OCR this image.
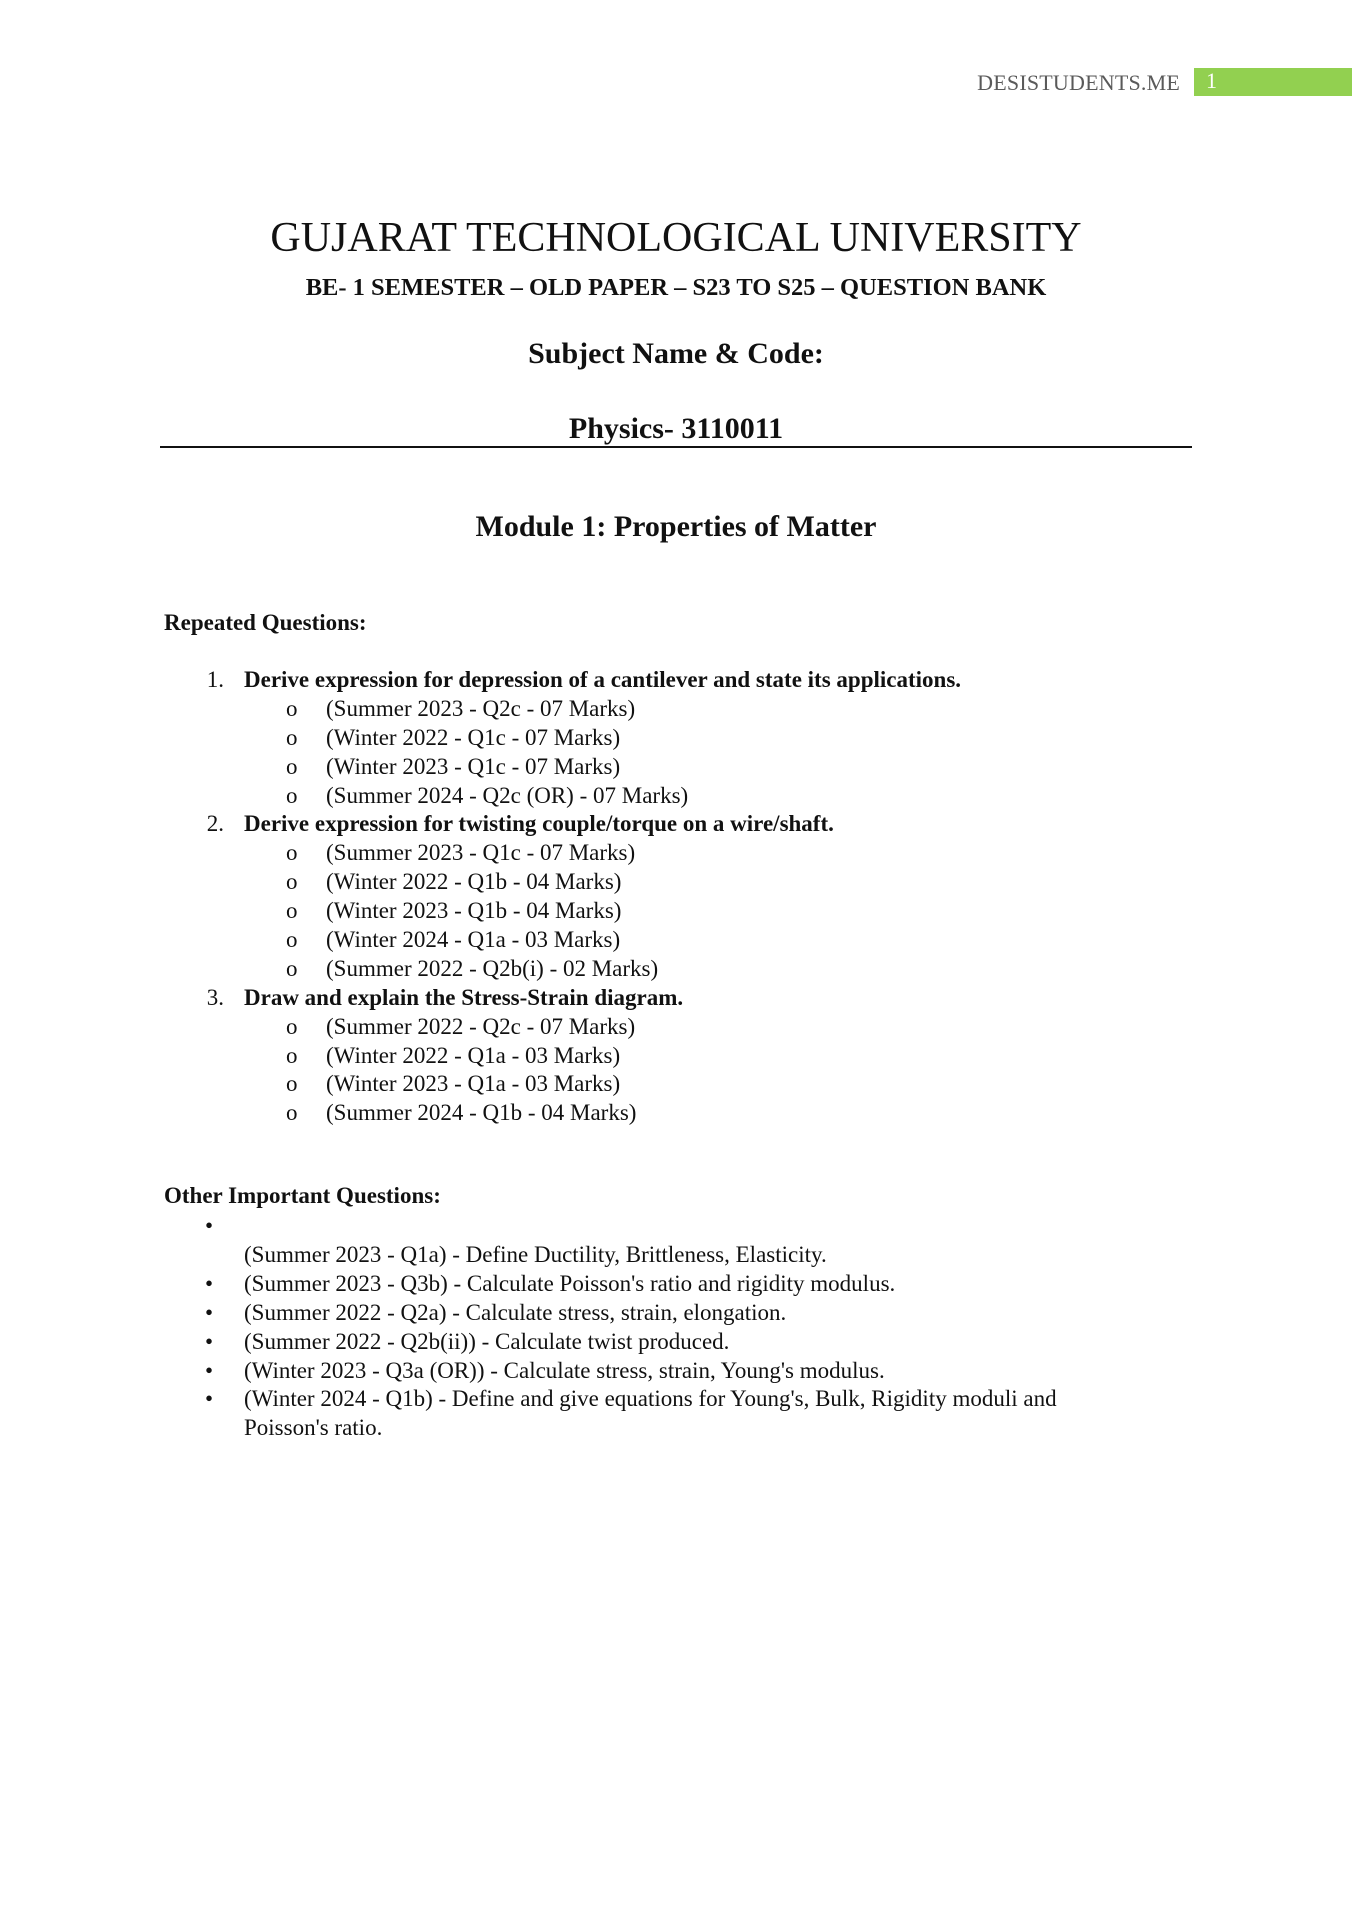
DESISTUDENTS.ME 1
GUJARAT TECHNOLOGICAL UNIVERSITY
BE- 1 SEMESTER – OLD PAPER – S23 TO S25 – QUESTION BANK
Subject Name & Code:
Physics- 3110011
Module 1: Properties of Matter
Repeated Questions:
1. Derive expression for depression of a cantilever and state its applications.
o (Summer 2023 - Q2c - 07 Marks)
o (Winter 2022 - Q1c - 07 Marks)
o (Winter 2023 - Q1c - 07 Marks)
o (Summer 2024 - Q2c (OR) - 07 Marks)
2. Derive expression for twisting couple/torque on a wire/shaft.
o (Summer 2023 - Q1c - 07 Marks)
o (Winter 2022 - Q1b - 04 Marks)
o (Winter 2023 - Q1b - 04 Marks)
o (Winter 2024 - Q1a - 03 Marks)
o (Summer 2022 - Q2b(i) - 02 Marks)
3. Draw and explain the Stress-Strain diagram.
o (Summer 2022 - Q2c - 07 Marks)
o (Winter 2022 - Q1a - 03 Marks)
o (Winter 2023 - Q1a - 03 Marks)
o (Summer 2024 - Q1b - 04 Marks)
Other Important Questions:
•
(Summer 2023 - Q1a) - Define Ductility, Brittleness, Elasticity.
• (Summer 2023 - Q3b) - Calculate Poisson's ratio and rigidity modulus.
• (Summer 2022 - Q2a) - Calculate stress, strain, elongation.
• (Summer 2022 - Q2b(ii)) - Calculate twist produced.
• (Winter 2023 - Q3a (OR)) - Calculate stress, strain, Young's modulus.
• (Winter 2024 - Q1b) - Define and give equations for Young's, Bulk, Rigidity moduli and Poisson's ratio.
